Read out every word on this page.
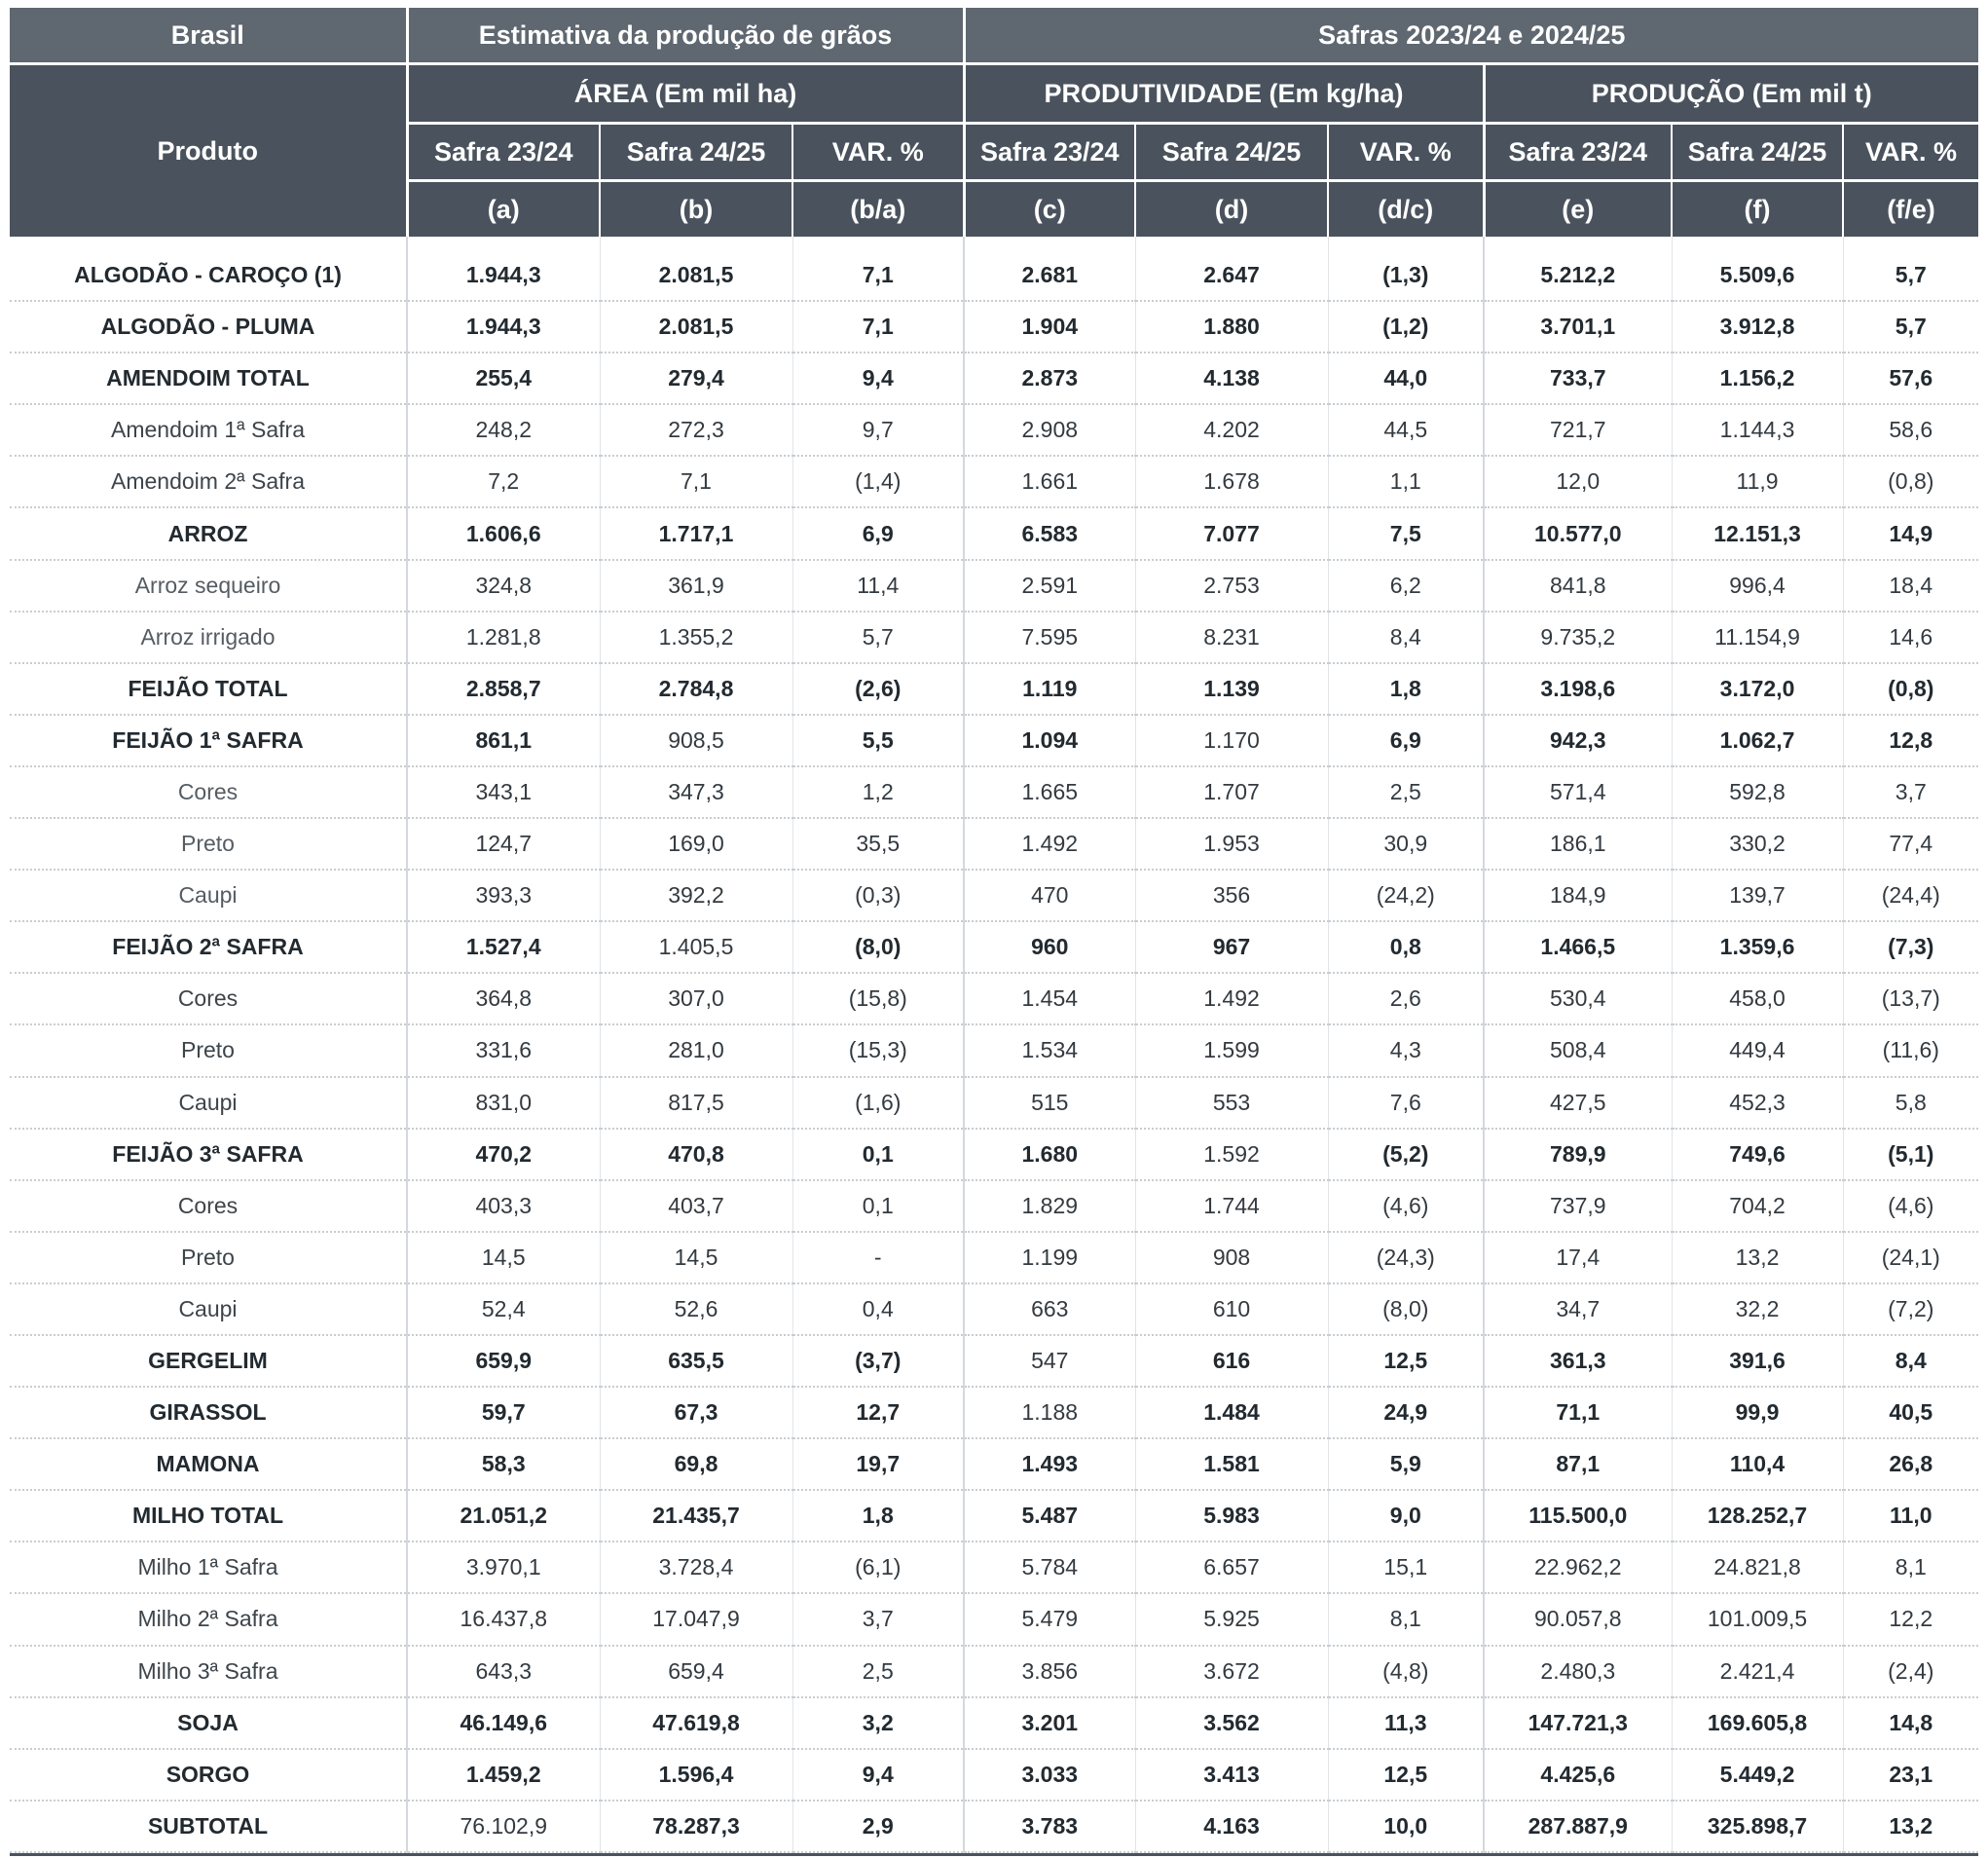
Brasil	Estimativa da produção de grãos			Safras 2023/24 e 2024/25					
Produto	ÁREA (Em mil ha)			PRODUTIVIDADE (Em kg/ha)			PRODUÇÃO (Em mil t)		
	Safra 23/24	Safra 24/25	VAR. %	Safra 23/24	Safra 24/25	VAR. %	Safra 23/24	Safra 24/25	VAR. %
	(a)	(b)	(b/a)	(c)	(d)	(d/c)	(e)	(f)	(f/e)
ALGODÃO - CAROÇO (1)	1.944,3	2.081,5	7,1	2.681	2.647	(1,3)	5.212,2	5.509,6	5,7
ALGODÃO - PLUMA	1.944,3	2.081,5	7,1	1.904	1.880	(1,2)	3.701,1	3.912,8	5,7
AMENDOIM TOTAL	255,4	279,4	9,4	2.873	4.138	44,0	733,7	1.156,2	57,6
Amendoim 1ª Safra	248,2	272,3	9,7	2.908	4.202	44,5	721,7	1.144,3	58,6
Amendoim 2ª Safra	7,2	7,1	(1,4)	1.661	1.678	1,1	12,0	11,9	(0,8)
ARROZ	1.606,6	1.717,1	6,9	6.583	7.077	7,5	10.577,0	12.151,3	14,9
Arroz sequeiro	324,8	361,9	11,4	2.591	2.753	6,2	841,8	996,4	18,4
Arroz irrigado	1.281,8	1.355,2	5,7	7.595	8.231	8,4	9.735,2	11.154,9	14,6
FEIJÃO TOTAL	2.858,7	2.784,8	(2,6)	1.119	1.139	1,8	3.198,6	3.172,0	(0,8)
FEIJÃO 1ª SAFRA	861,1	908,5	5,5	1.094	1.170	6,9	942,3	1.062,7	12,8
Cores	343,1	347,3	1,2	1.665	1.707	2,5	571,4	592,8	3,7
Preto	124,7	169,0	35,5	1.492	1.953	30,9	186,1	330,2	77,4
Caupi	393,3	392,2	(0,3)	470	356	(24,2)	184,9	139,7	(24,4)
FEIJÃO 2ª SAFRA	1.527,4	1.405,5	(8,0)	960	967	0,8	1.466,5	1.359,6	(7,3)
Cores	364,8	307,0	(15,8)	1.454	1.492	2,6	530,4	458,0	(13,7)
Preto	331,6	281,0	(15,3)	1.534	1.599	4,3	508,4	449,4	(11,6)
Caupi	831,0	817,5	(1,6)	515	553	7,6	427,5	452,3	5,8
FEIJÃO 3ª SAFRA	470,2	470,8	0,1	1.680	1.592	(5,2)	789,9	749,6	(5,1)
Cores	403,3	403,7	0,1	1.829	1.744	(4,6)	737,9	704,2	(4,6)
Preto	14,5	14,5	-	1.199	908	(24,3)	17,4	13,2	(24,1)
Caupi	52,4	52,6	0,4	663	610	(8,0)	34,7	32,2	(7,2)
GERGELIM	659,9	635,5	(3,7)	547	616	12,5	361,3	391,6	8,4
GIRASSOL	59,7	67,3	12,7	1.188	1.484	24,9	71,1	99,9	40,5
MAMONA	58,3	69,8	19,7	1.493	1.581	5,9	87,1	110,4	26,8
MILHO TOTAL	21.051,2	21.435,7	1,8	5.487	5.983	9,0	115.500,0	128.252,7	11,0
Milho 1ª Safra	3.970,1	3.728,4	(6,1)	5.784	6.657	15,1	22.962,2	24.821,8	8,1
Milho 2ª Safra	16.437,8	17.047,9	3,7	5.479	5.925	8,1	90.057,8	101.009,5	12,2
Milho 3ª Safra	643,3	659,4	2,5	3.856	3.672	(4,8)	2.480,3	2.421,4	(2,4)
SOJA	46.149,6	47.619,8	3,2	3.201	3.562	11,3	147.721,3	169.605,8	14,8
SORGO	1.459,2	1.596,4	9,4	3.033	3.413	12,5	4.425,6	5.449,2	23,1
SUBTOTAL	76.102,9	78.287,3	2,9	3.783	4.163	10,0	287.887,9	325.898,7	13,2
